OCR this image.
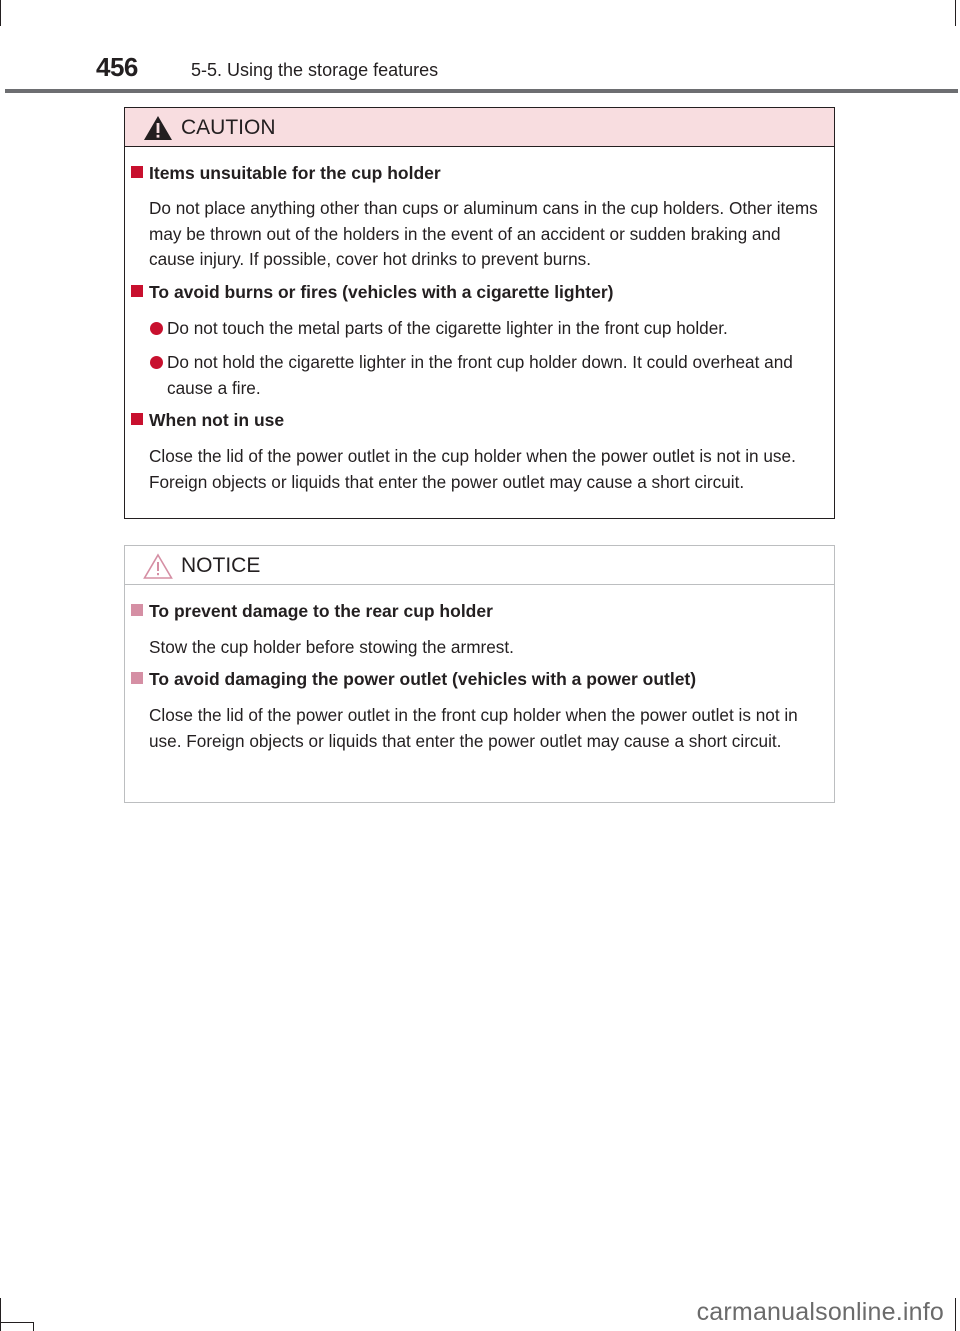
456	5-5. Using the storage features
CAUTION
Items unsuitable for the cup holder
Do not place anything other than cups or aluminum cans in the cup holders. Other items may be thrown out of the holders in the event of an accident or sudden braking and cause injury. If possible, cover hot drinks to prevent burns.
To avoid burns or fires (vehicles with a cigarette lighter)
Do not touch the metal parts of the cigarette lighter in the front cup holder.
Do not hold the cigarette lighter in the front cup holder down. It could overheat and cause a fire.
When not in use
Close the lid of the power outlet in the cup holder when the power outlet is not in use. Foreign objects or liquids that enter the power outlet may cause a short circuit.
NOTICE
To prevent damage to the rear cup holder
Stow the cup holder before stowing the armrest.
To avoid damaging the power outlet (vehicles with a power outlet)
Close the lid of the power outlet in the front cup holder when the power outlet is not in use. Foreign objects or liquids that enter the power outlet may cause a short circuit.
carmanualsonline.info
